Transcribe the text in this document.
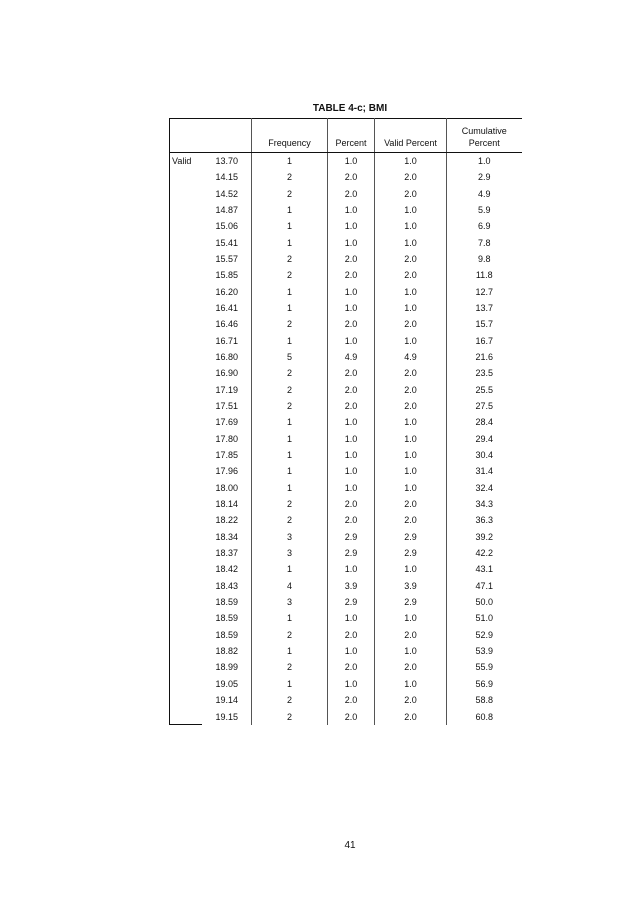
TABLE 4-c; BMI
		Frequency	Percent	Valid Percent	Cumulative
Percent
Valid	13.70	1	1.0	1.0	1.0
	14.15	2	2.0	2.0	2.9
	14.52	2	2.0	2.0	4.9
	14.87	1	1.0	1.0	5.9
	15.06	1	1.0	1.0	6.9
	15.41	1	1.0	1.0	7.8
	15.57	2	2.0	2.0	9.8
	15.85	2	2.0	2.0	11.8
	16.20	1	1.0	1.0	12.7
	16.41	1	1.0	1.0	13.7
	16.46	2	2.0	2.0	15.7
	16.71	1	1.0	1.0	16.7
	16.80	5	4.9	4.9	21.6
	16.90	2	2.0	2.0	23.5
	17.19	2	2.0	2.0	25.5
	17.51	2	2.0	2.0	27.5
	17.69	1	1.0	1.0	28.4
	17.80	1	1.0	1.0	29.4
	17.85	1	1.0	1.0	30.4
	17.96	1	1.0	1.0	31.4
	18.00	1	1.0	1.0	32.4
	18.14	2	2.0	2.0	34.3
	18.22	2	2.0	2.0	36.3
	18.34	3	2.9	2.9	39.2
	18.37	3	2.9	2.9	42.2
	18.42	1	1.0	1.0	43.1
	18.43	4	3.9	3.9	47.1
	18.59	3	2.9	2.9	50.0
	18.59	1	1.0	1.0	51.0
	18.59	2	2.0	2.0	52.9
	18.82	1	1.0	1.0	53.9
	18.99	2	2.0	2.0	55.9
	19.05	1	1.0	1.0	56.9
	19.14	2	2.0	2.0	58.8
	19.15	2	2.0	2.0	60.8
41
